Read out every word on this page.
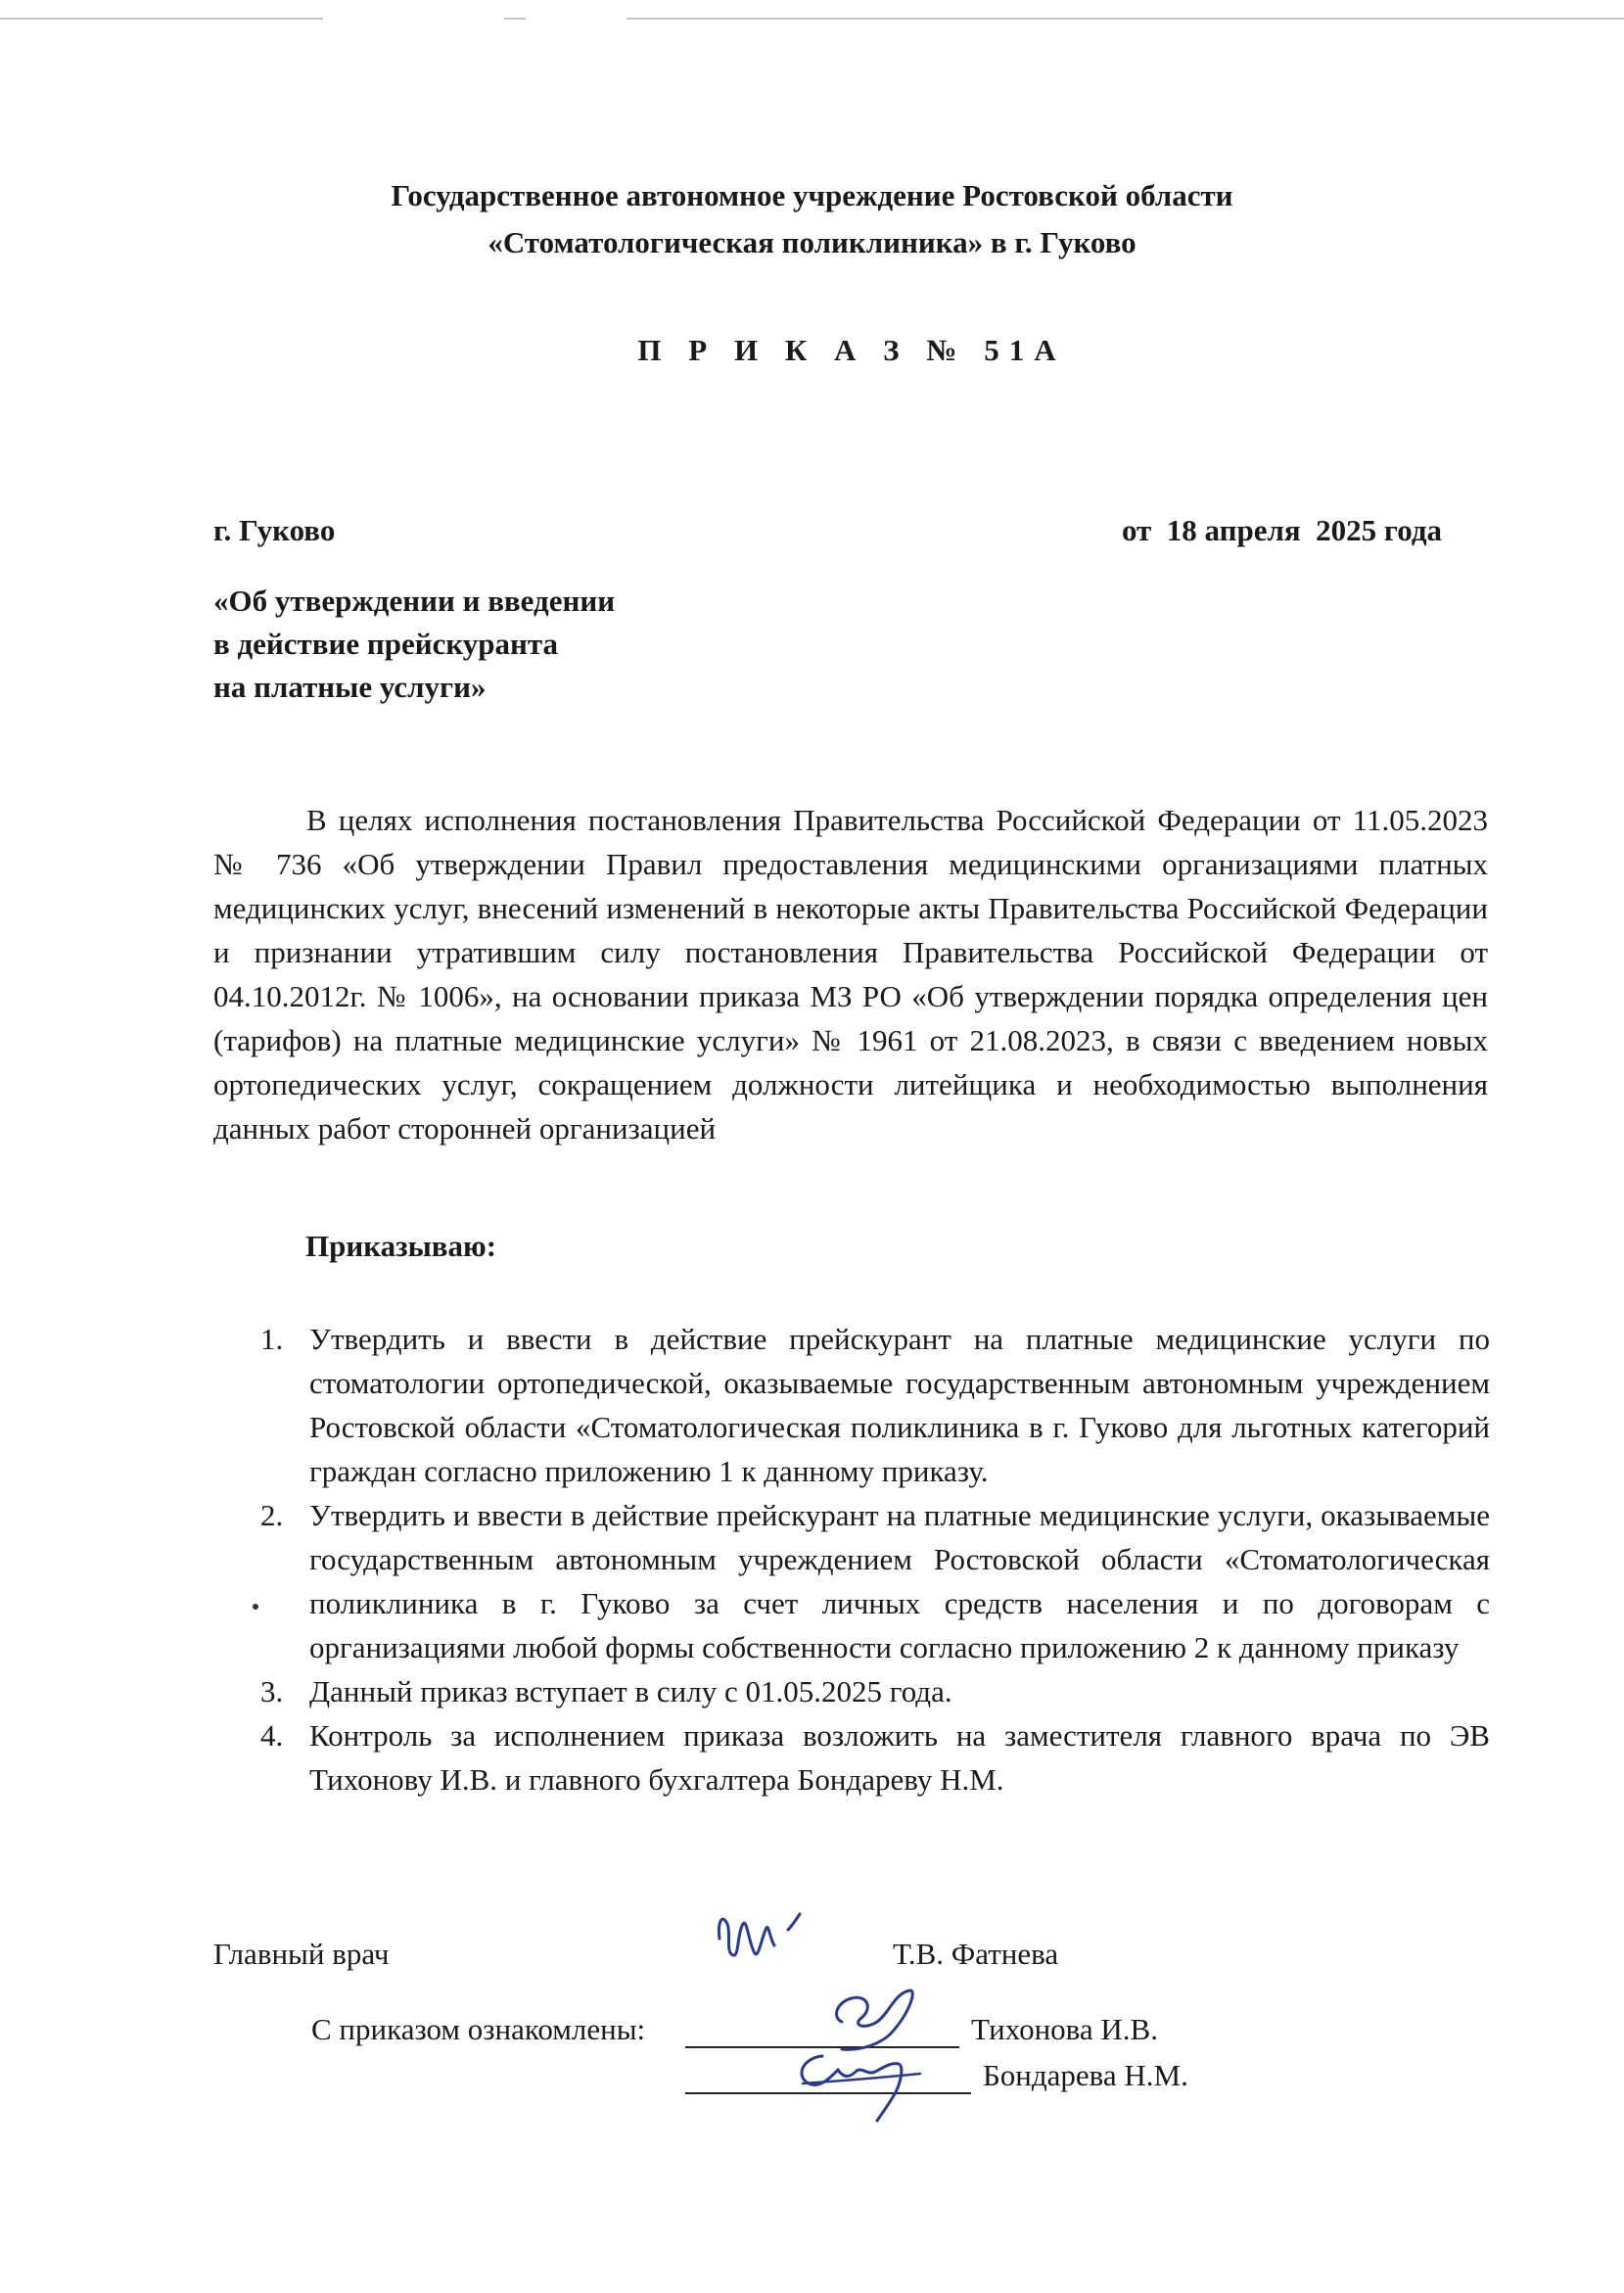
Государственное автономное учреждение Ростовской области
«Стоматологическая поликлиника» в г. Гуково
П Р И К А З № 51А
г. Гуково	от  18 апреля  2025 года
«Об утверждении и введении
в действие прейскуранта
на платные услуги»
В целях исполнения постановления Правительства Российской Федерации от 11.05.2023 № 736 «Об утверждении Правил предоставления медицинскими организациями платных медицинских услуг, внесений изменений в некоторые акты Правительства Российской Федерации и признании утратившим силу постановления Правительства Российской Федерации от 04.10.2012г. № 1006», на основании приказа МЗ РО «Об утверждении порядка определения цен (тарифов) на платные медицинские услуги» № 1961 от 21.08.2023, в связи с введением новых ортопедических услуг, сокращением должности литейщика и необходимостью выполнения данных работ сторонней организацией
Приказываю:
1. Утвердить и ввести в действие прейскурант на платные медицинские услуги по стоматологии ортопедической, оказываемые государственным автономным учреждением Ростовской области «Стоматологическая поликлиника в г. Гуково для льготных категорий граждан согласно приложению 1 к данному приказу.
2. Утвердить и ввести в действие прейскурант на платные медицинские услуги, оказываемые государственным автономным учреждением Ростовской области «Стоматологическая поликлиника в г. Гуково за счет личных средств населения и по договорам с организациями любой формы собственности согласно приложению 2 к данному приказу
3. Данный приказ вступает в силу с 01.05.2025 года.
4. Контроль за исполнением приказа возложить на заместителя главного врача по ЭВ Тихонову И.В. и главного бухгалтера Бондареву Н.М.
Главный врач	Т.В. Фатнева
С приказом ознакомлены:	Тихонова И.В.
Бондарева Н.М.
